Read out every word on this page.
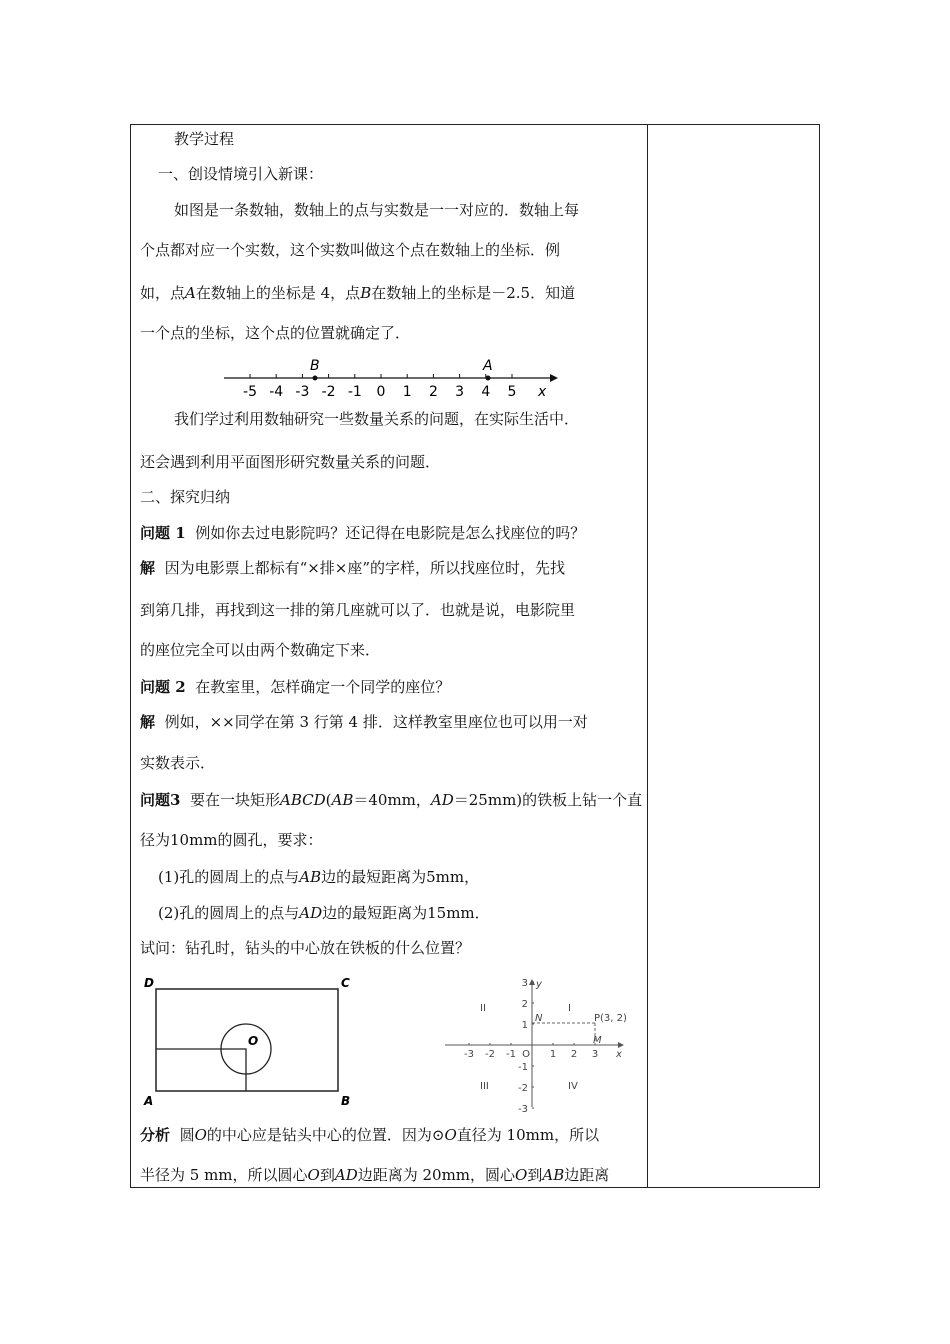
教学过程
一、创设情境引入新课：
如图是一条数轴，数轴上的点与实数是一一对应的．数轴上每
个点都对应一个实数，这个实数叫做这个点在数轴上的坐标．例
如，点A在数轴上的坐标是 4，点B在数轴上的坐标是－2.5．知道
一个点的坐标，这个点的位置就确定了．
-5 -4 -3 -2 -1 0 1 2 3 4 5
B	A
x
我们学过利用数轴研究一些数量关系的问题，在实际生活中．
还会遇到利用平面图形研究数量关系的问题．
二、探究归纳
问题 1 例如你去过电影院吗？还记得在电影院是怎么找座位的吗？
解 因为电影票上都标有“×排×座”的字样，所以找座位时，先找
到第几排，再找到这一排的第几座就可以了．也就是说，电影院里
的座位完全可以由两个数确定下来．
问题 2 在教室里，怎样确定一个同学的座位？
解 例如，××同学在第 3 行第 4 排．这样教室里座位也可以用一对
实数表示．
问题3 要在一块矩形ABCD(AB＝40mm，AD＝25mm)的铁板上钻一个直
径为10mm的圆孔，要求：
(1)孔的圆周上的点与AB边的最短距离为5mm，
(2)孔的圆周上的点与AD边的最短距离为15mm．
试问：钻孔时，钻头的中心放在铁板的什么位置？
D	C
A	B
O
x
y
-3 -2 -1 O 1 2 3
3
2
1
-1
-2
-3
N
M
P(3, 2)
I
II
III	IV
分析 圆O的中心应是钻头中心的位置．因为⊙O直径为 10mm，所以
半径为 5 mm，所以圆心O到AD边距离为 20mm，圆心O到AB边距离
